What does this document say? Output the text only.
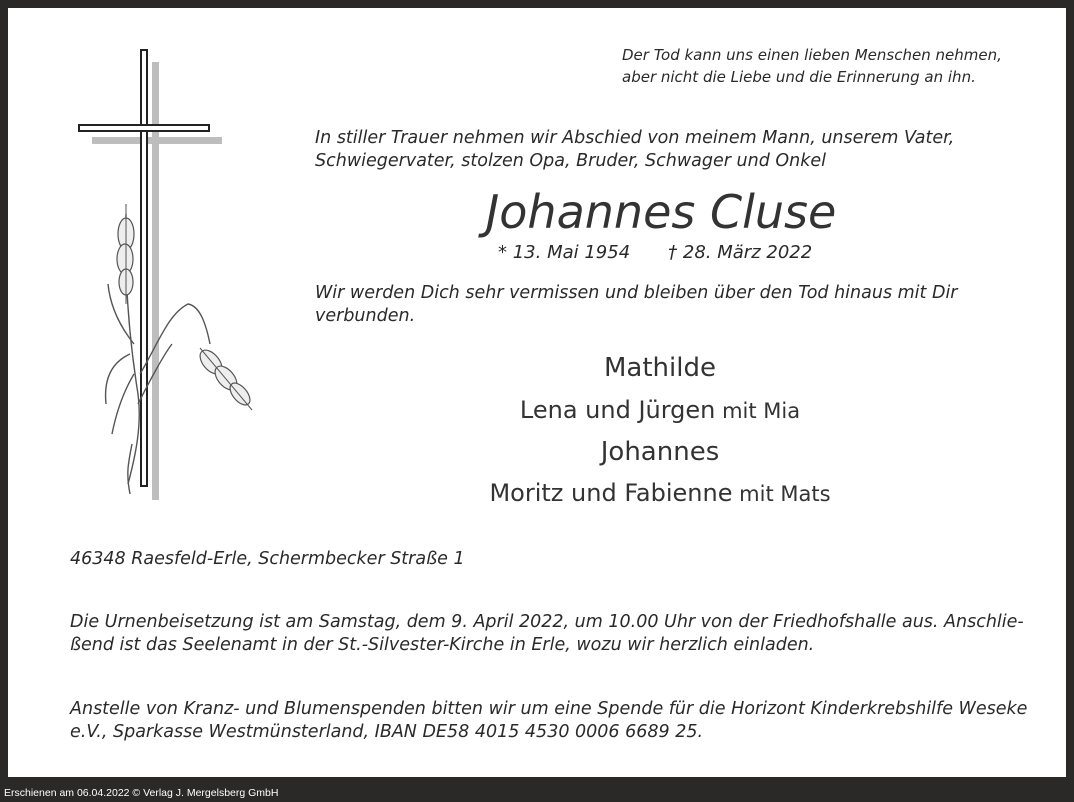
Der Tod kann uns einen lieben Menschen nehmen,
aber nicht die Liebe und die Erinnerung an ihn.

In stiller Trauer nehmen wir Abschied von meinem Mann, unserem Vater,
Schwiegervater, stolzen Opa, Bruder, Schwager und Onkel

Johannes Cluse

* 13. Mai 1954 † 28. März 2022

Wir werden Dich sehr vermissen und bleiben über den Tod hinaus mit Dir
verbunden.

Mathilde
Lena und Jürgen mit Mia
Johannes
Moritz und Fabienne mit Mats

46348 Raesfeld-Erle, Schermbecker Straße 1

Die Urnenbeisetzung ist am Samstag, dem 9. April 2022, um 10.00 Uhr von der Friedhofshalle aus. Anschlie-
ßend ist das Seelenamt in der St.-Silvester-Kirche in Erle, wozu wir herzlich einladen.

Anstelle von Kranz- und Blumenspenden bitten wir um eine Spende für die Horizont Kinderkrebshilfe Weseke
e.V., Sparkasse Westmünsterland, IBAN DE58 4015 4530 0006 6689 25.

Erschienen am 06.04.2022 © Verlag J. Mergelsberg GmbH
